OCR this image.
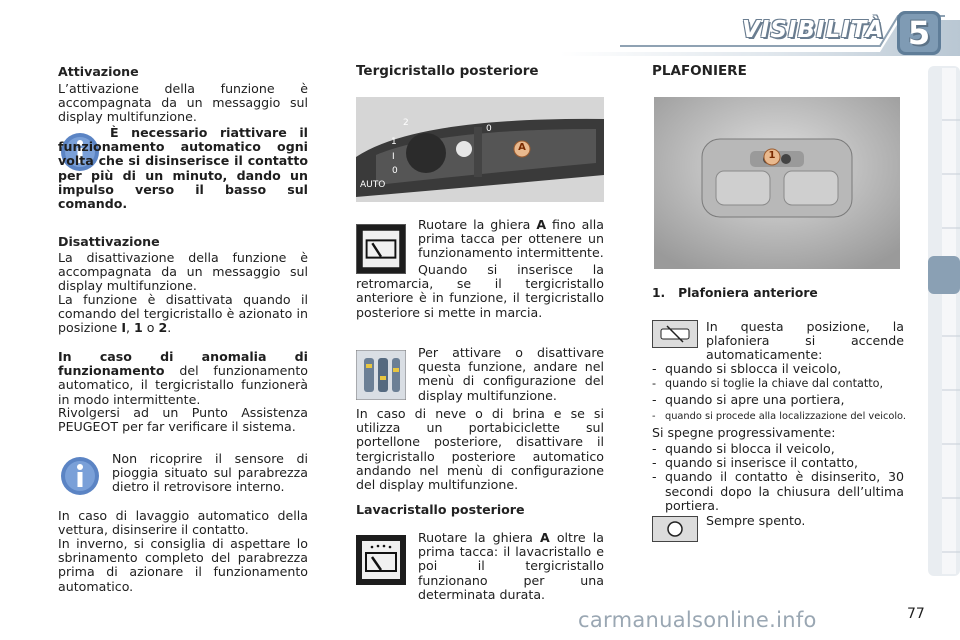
VISIBILITÀ 5
Attivazione

L’attivazione della funzione è accompagnata da un messaggio sul display multifunzione.

È necessario riattivare il funzionamento automatico ogni volta che si disinserisce il contatto per più di un minuto, dando un impulso verso il basso sul comando.

Disattivazione

La disattivazione della funzione è accompagnata da un messaggio sul display multifunzione.

La funzione è disattivata quando il comando del tergicristallo è azionato in posizione I, 1 o 2.

In caso di anomalia di funzionamento del funzionamento automatico, il tergicristallo funzionerà in modo intermittente.

Rivolgersi ad un Punto Assistenza PEUGEOT per far verificare il sistema.

Non ricoprire il sensore di pioggia situato sul parabrezza dietro il retrovisore interno.

In caso di lavaggio automatico della vettura, disinserire il contatto.

In inverno, si consiglia di aspettare lo sbrinamento completo del parabrezza prima di azionare il funzionamento automatico.

Tergicristallo posteriore
AUTO
2
1
I
0
0
A

Ruotare la ghiera A fino alla prima tacca per ottenere un funzionamento intermittente.

Quando si inserisce la retromarcia, se il tergicristallo anteriore è in funzione, il tergicristallo posteriore si mette in marcia.

Per attivare o disattivare questa funzione, andare nel menù di configurazione del display multifunzione.

In caso di neve o di brina e se si utilizza un portabiciclette sul portellone posteriore, disattivare il tergicristallo posteriore automatico andando nel menù di configurazione del display multifunzione.

Lavacristallo posteriore

Ruotare la ghiera A oltre la prima tacca: il lavacristallo e poi il tergicristallo funzionano per una determinata durata.

PLAFONIERE
1
1.   Plafoniera anteriore

In questa posizione, la plafoniera si accende automaticamente:

- quando si sblocca il veicolo,
- quando si toglie la chiave dal contatto,
- quando si apre una portiera,
- quando si procede alla localizzazione del veicolo.

Si spegne progressivamente:

- quando si blocca il veicolo,
- quando si inserisce il contatto,
- quando il contatto è disinserito, 30 secondi dopo la chiusura dell’ultima portiera.

Sempre spento.

carmanualsonline.info	77
